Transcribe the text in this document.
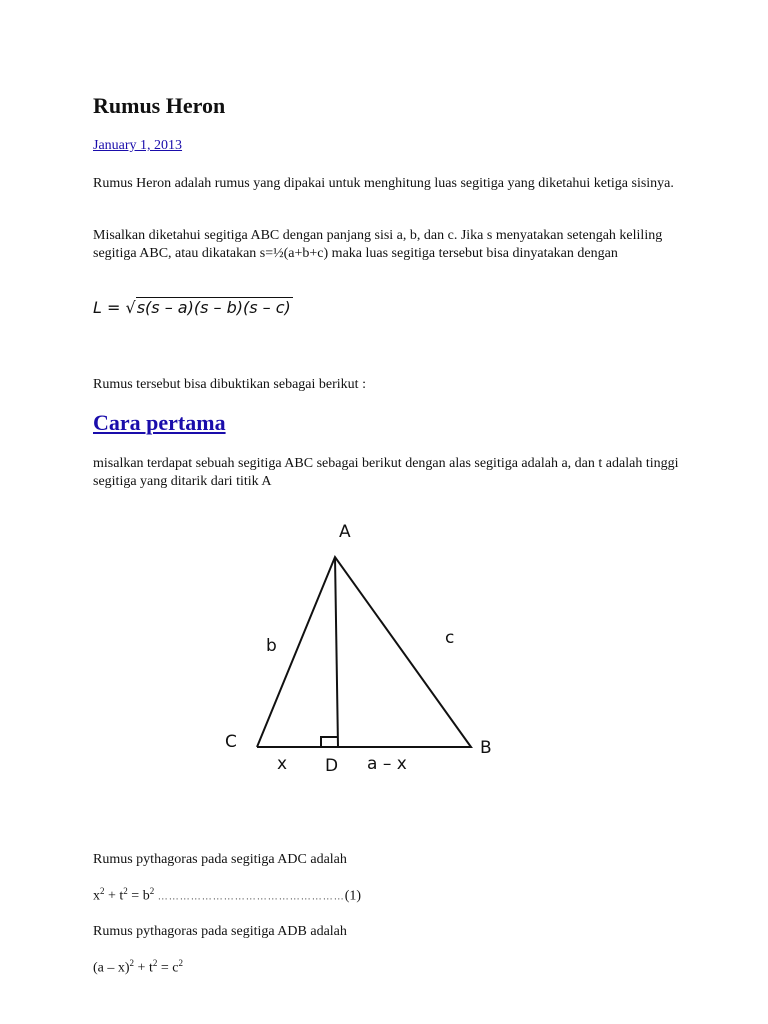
Rumus Heron
January 1, 2013

Rumus Heron adalah rumus yang dipakai untuk menghitung luas segitiga yang diketahui ketiga sisinya.

Misalkan diketahui segitiga ABC dengan panjang sisi a, b, dan c. Jika s menyatakan setengah keliling segitiga ABC, atau dikatakan s=½(a+b+c) maka luas segitiga tersebut bisa dinyatakan dengan

L = √s(s – a)(s – b)(s – c)

Rumus tersebut bisa dibuktikan sebagai berikut :

Cara pertama

misalkan terdapat sebuah segitiga ABC sebagai berikut dengan alas segitiga adalah a, dan t adalah tinggi segitiga yang ditarik dari titik A

A
B
C
D
b	c
x	a – x

Rumus pythagoras pada segitiga ADC adalah

$x^2 + t^2 = b^2$ ……………………………………………(1)

Rumus pythagoras pada segitiga ADB adalah

$(a - x)^2 + t^2 = c^2$
